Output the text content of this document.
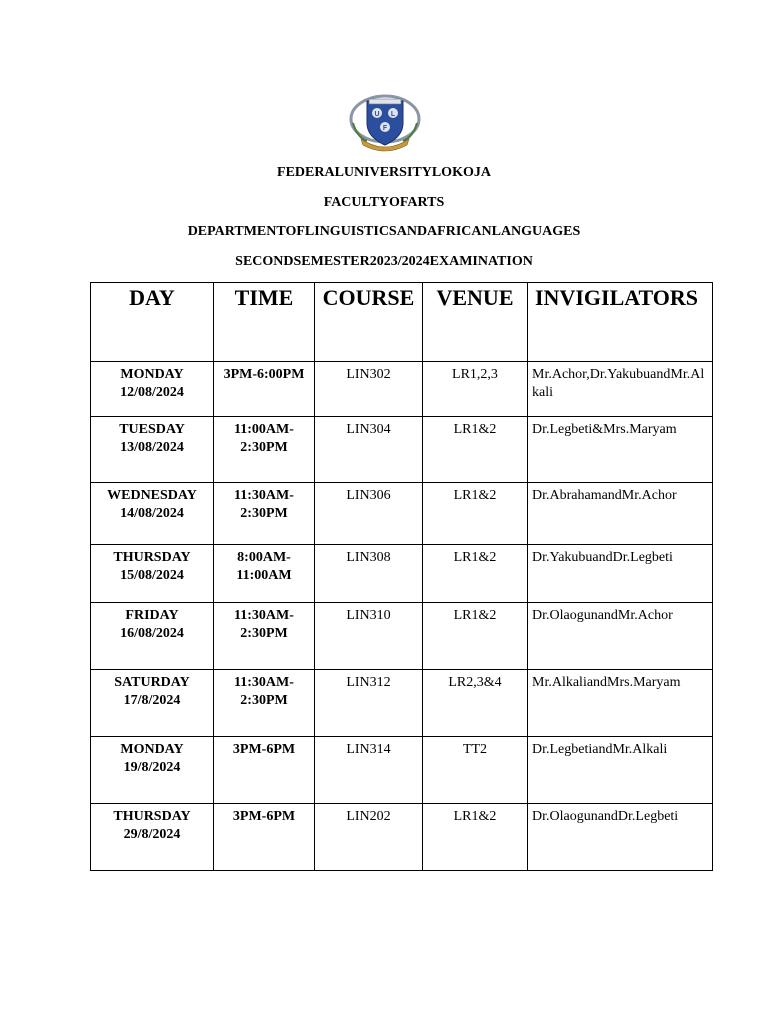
U L
F
FEDERALUNIVERSITYLOKOJA
FACULTYOFARTS
DEPARTMENTOFLINGUISTICSANDAFRICANLANGUAGES
SECONDSEMESTER2023/2024EXAMINATION
DAY	TIME	COURSE	VENUE	INVIGILATORS

MONDAY
12/08/2024	3PM-6:00PM	LIN302	LR1,2,3	Mr.Achor,Dr.YakubuandMr.Alkali

TUESDAY
13/08/2024	11:00AM-2:30PM	LIN304	LR1&2	Dr.Legbeti&Mrs.Maryam

WEDNESDAY
14/08/2024	11:30AM-2:30PM	LIN306	LR1&2	Dr.AbrahamandMr.Achor

THURSDAY
15/08/2024	8:00AM-11:00AM	LIN308	LR1&2	Dr.YakubuandDr.Legbeti

FRIDAY
16/08/2024	11:30AM-2:30PM	LIN310	LR1&2	Dr.OlaogunandMr.Achor

SATURDAY
17/8/2024	11:30AM-2:30PM	LIN312	LR2,3&4	Mr.AlkaliandMrs.Maryam

MONDAY
19/8/2024	3PM-6PM	LIN314	TT2	Dr.LegbetiandMr.Alkali

THURSDAY
29/8/2024	3PM-6PM	LIN202	LR1&2	Dr.OlaogunandDr.Legbeti
